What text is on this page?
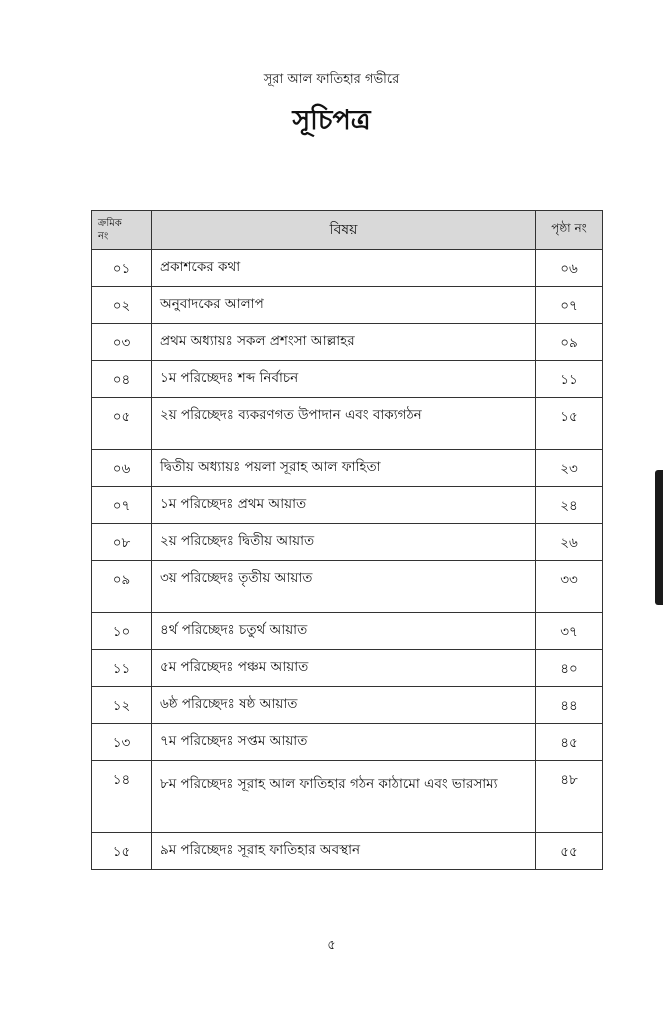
সূরা আল ফাতিহার গভীরে
সূচিপত্র
ক্রমিক
নং	বিষয়	পৃষ্ঠা নং
০১	প্রকাশকের কথা	০৬
০২	অনুবাদকের আলাপ	০৭
০৩	প্রথম অধ্যায়ঃ সকল প্রশংসা আল্লাহর	০৯
০৪	১ম পরিচ্ছেদঃ শব্দ নির্বাচন	১১
০৫	২য় পরিচ্ছেদঃ ব্যকরণগত উপাদান এবং বাক্যগঠন	১৫
০৬	দ্বিতীয় অধ্যায়ঃ পয়লা সূরাহ আল ফাহিতা	২৩
০৭	১ম পরিচ্ছেদঃ প্রথম আয়াত	২৪
০৮	২য় পরিচ্ছেদঃ দ্বিতীয় আয়াত	২৬
০৯	৩য় পরিচ্ছেদঃ তৃতীয় আয়াত	৩৩
১০	৪র্থ পরিচ্ছেদঃ চতুর্থ আয়াত	৩৭
১১	৫ম পরিচ্ছেদঃ পঞ্চম আয়াত	৪০
১২	৬ষ্ঠ পরিচ্ছেদঃ ষষ্ঠ আয়াত	৪৪
১৩	৭ম পরিচ্ছেদঃ সপ্তম আয়াত	৪৫
১৪	৮ম পরিচ্ছেদঃ সূরাহ আল ফাতিহার গঠন কাঠামো এবং ভারসাম্য	৪৮
১৫	৯ম পরিচ্ছেদঃ সূরাহ ফাতিহার অবস্থান	৫৫
৫
